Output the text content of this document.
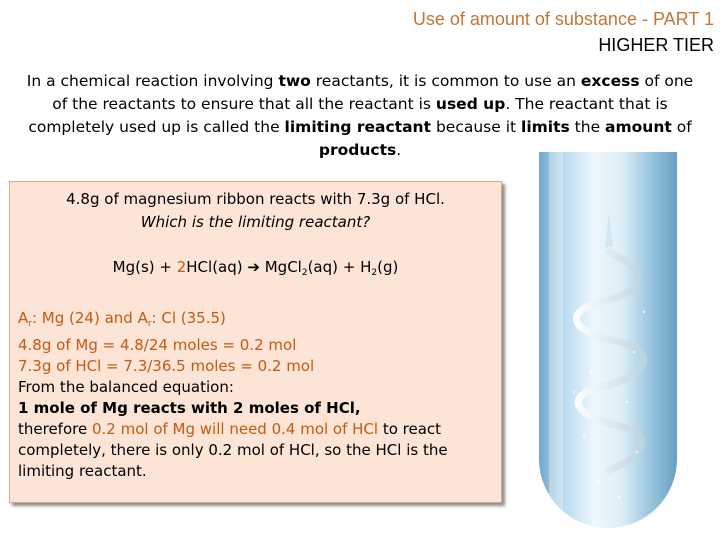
Use of amount of substance - PART 1
HIGHER TIER
In a chemical reaction involving two reactants, it is common to use an excess of one of the reactants to ensure that all the reactant is used up. The reactant that is completely used up is called the limiting reactant because it limits the amount of products.
4.8g of magnesium ribbon reacts with 7.3g of HCl.
Which is the limiting reactant?
Mg(s) + 2HCl(aq) ➔ MgCl$_2$(aq) + $H_2(g)$
$A_r$: Mg (24) and $A_r$: Cl (35.5)
4.8g of Mg = 4.8/24 moles = 0.2 mol
7.3g of HCl = 7.3/36.5 moles = 0.2 mol
From the balanced equation:
1 mole of Mg reacts with 2 moles of HCl,
therefore 0.2 mol of Mg will need 0.4 mol of HCl to react completely, there is only 0.2 mol of HCl, so the HCl is the limiting reactant.
